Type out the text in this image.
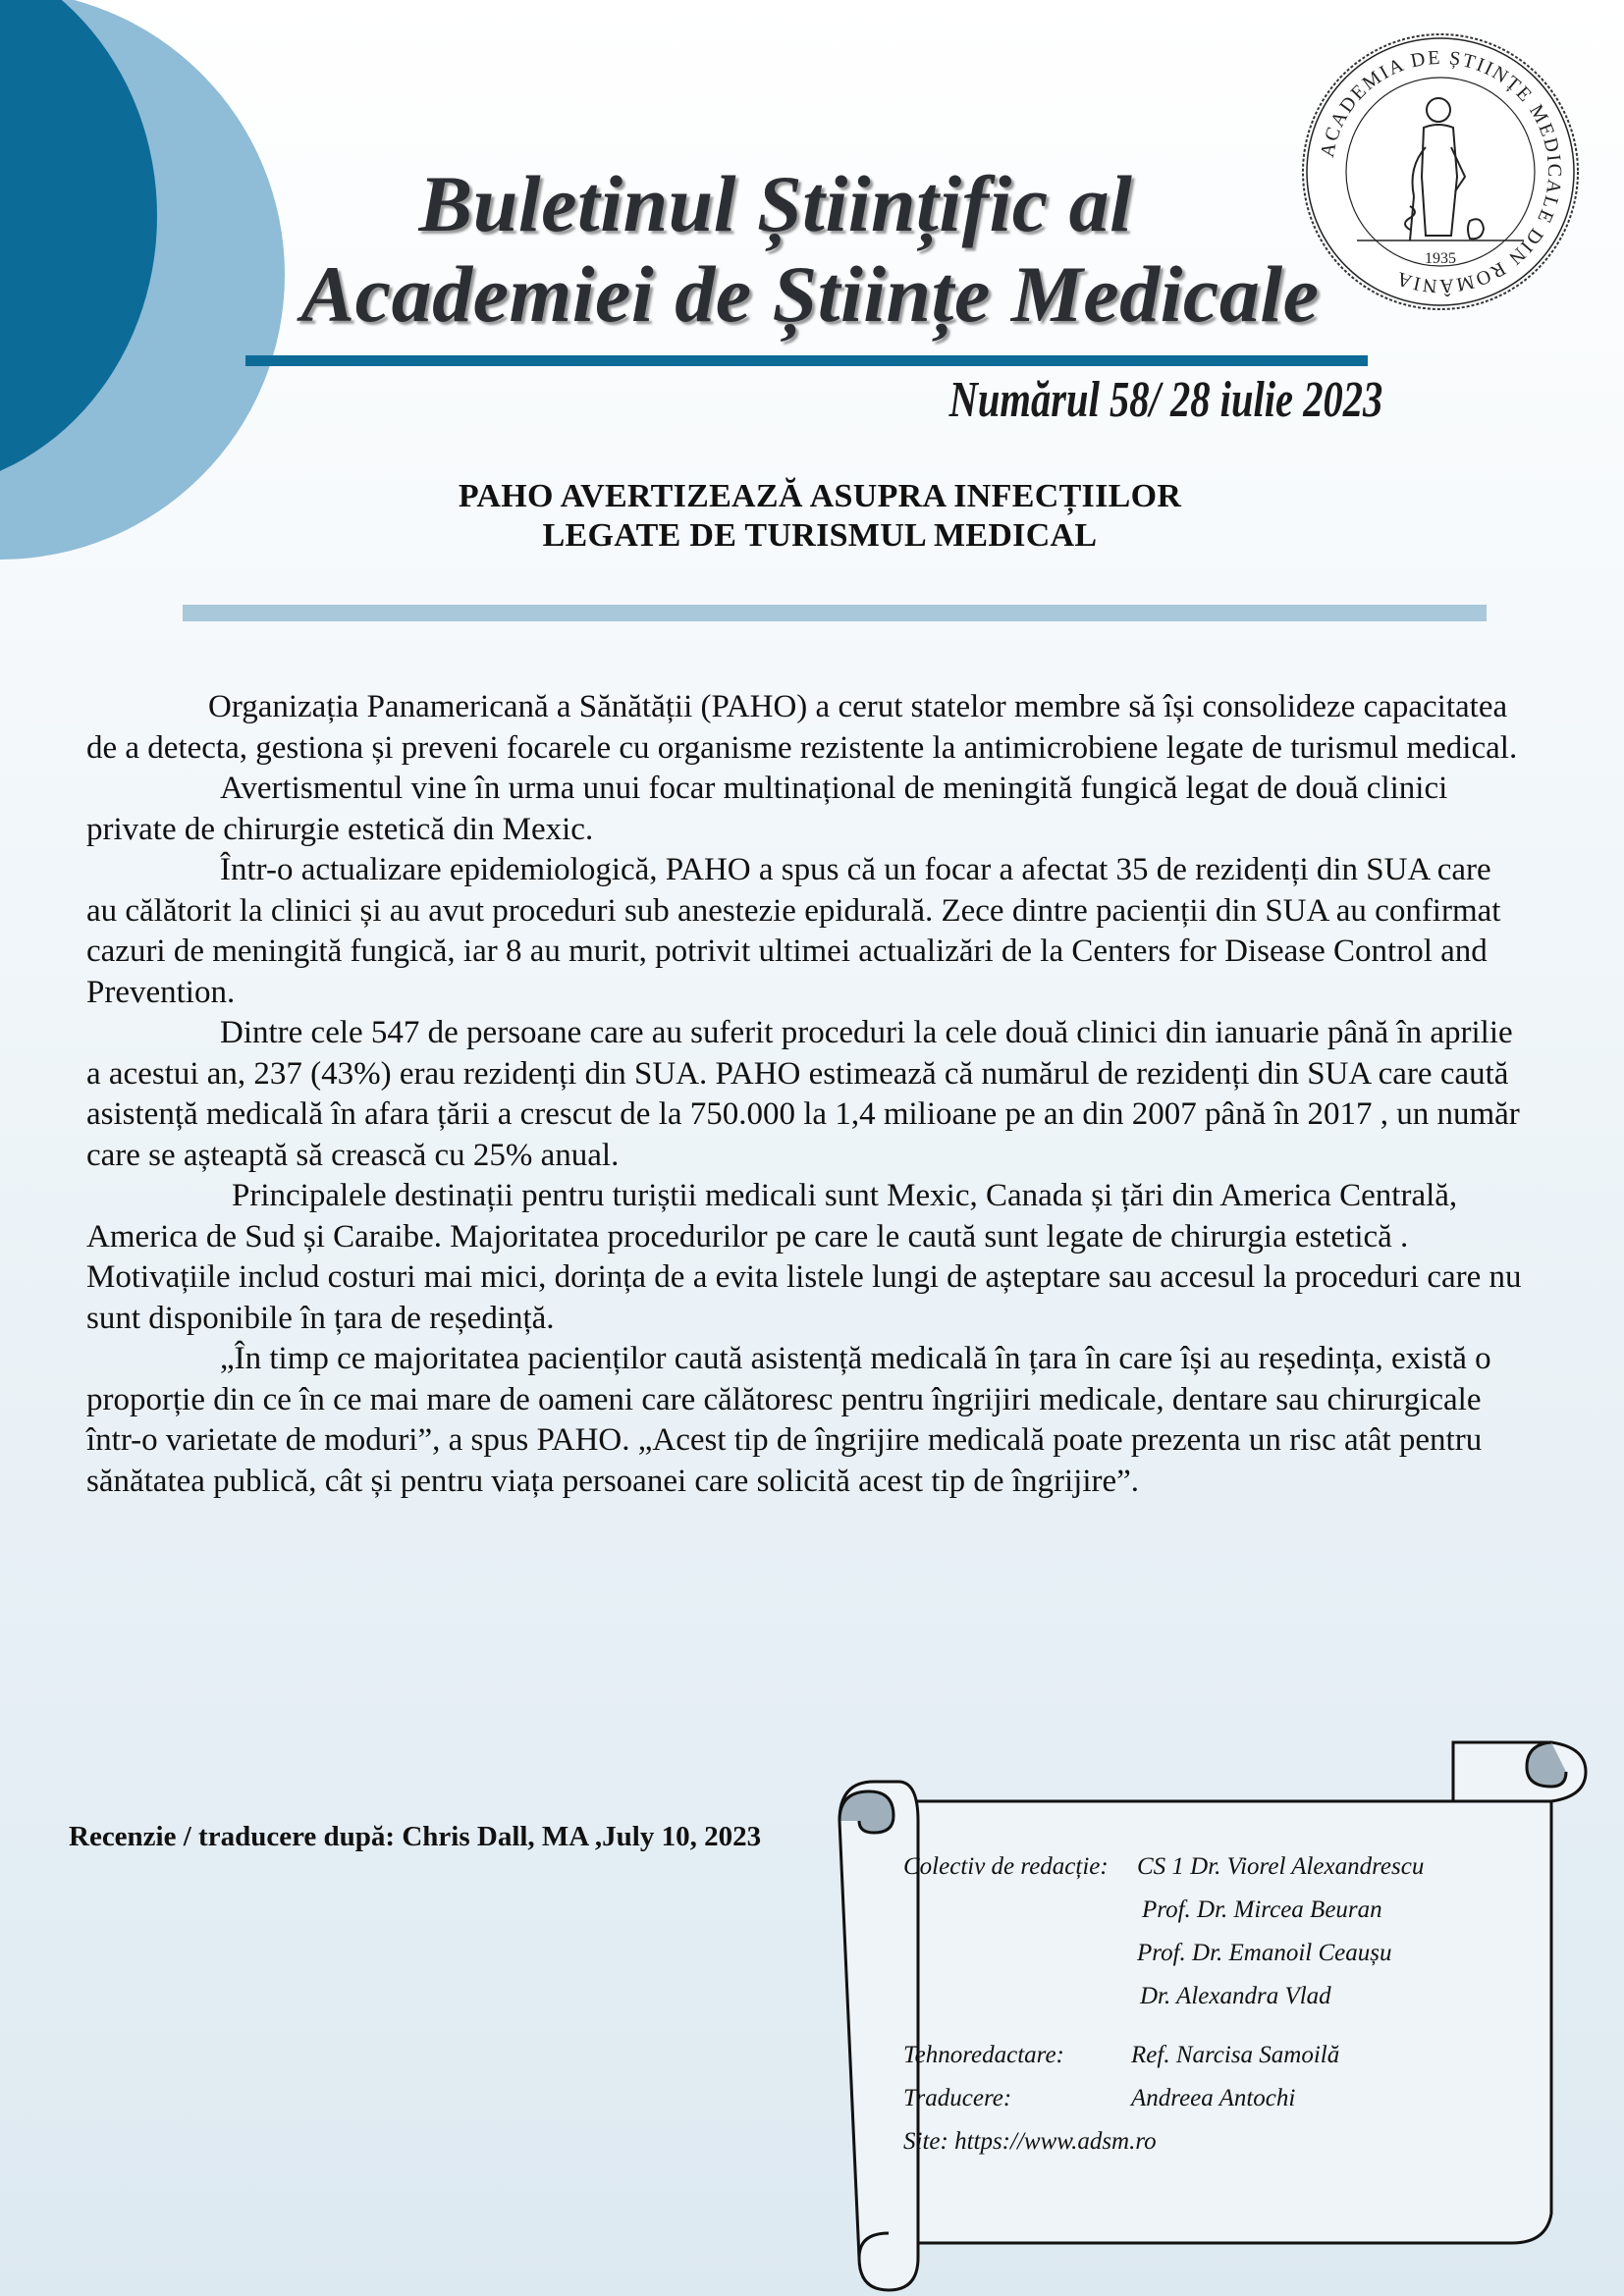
Buletinul Științific al
Academiei de Științe Medicale
Numărul 58/ 28 iulie 2023
ACADEMIA DE ȘTIINȚE MEDICALE DIN ROMÂNIA
1935
PAHO AVERTIZEAZĂ ASUPRA INFECȚIILOR
LEGATE DE TURISMUL MEDICAL

Organizația Panamericană a Sănătății (PAHO) a cerut statelor membre să își consolideze capacitatea de a detecta, gestiona și preveni focarele cu organisme rezistente la antimicrobiene legate de turismul medical.

Avertismentul vine în urma unui focar multinațional de meningită fungică legat de două clinici private de chirurgie estetică din Mexic.

Într-o actualizare epidemiologică, PAHO a spus că un focar a afectat 35 de rezidenți din SUA care au călătorit la clinici și au avut proceduri sub anestezie epidurală. Zece dintre pacienții din SUA au confirmat cazuri de meningită fungică, iar 8 au murit, potrivit ultimei actualizări de la Centers for Disease Control and Prevention.

Dintre cele 547 de persoane care au suferit proceduri la cele două clinici din ianuarie până în aprilie a acestui an, 237 (43%) erau rezidenți din SUA. PAHO estimează că numărul de rezidenți din SUA care caută asistență medicală în afara țării a crescut de la 750.000 la 1,4 milioane pe an din 2007 până în 2017 , un număr care se așteaptă să crească cu 25% anual.

Principalele destinații pentru turiștii medicali sunt Mexic, Canada și țări din America Centrală, America de Sud și Caraibe. Majoritatea procedurilor pe care le caută sunt legate de chirurgia estetică . Motivațiile includ costuri mai mici, dorința de a evita listele lungi de așteptare sau accesul la proceduri care nu sunt disponibile în țara de reședință.

„În timp ce majoritatea pacienților caută asistență medicală în țara în care își au reședința, există o proporție din ce în ce mai mare de oameni care călătoresc pentru îngrijiri medicale, dentare sau chirurgicale într-o varietate de moduri”, a spus PAHO. „Acest tip de îngrijire medicală poate prezenta un risc atât pentru sănătatea publică, cât și pentru viața persoanei care solicită acest tip de îngrijire”.

Recenzie / traducere după: Chris Dall, MA ,July 10, 2023
Colectiv de redacție: CS 1 Dr. Viorel Alexandrescu
Prof. Dr. Mircea Beuran
Prof. Dr. Emanoil Ceaușu
Dr. Alexandra Vlad
Tehnoredactare:	Ref. Narcisa Samoilă
Traducere:	Andreea Antochi
Site: https://www.adsm.ro
